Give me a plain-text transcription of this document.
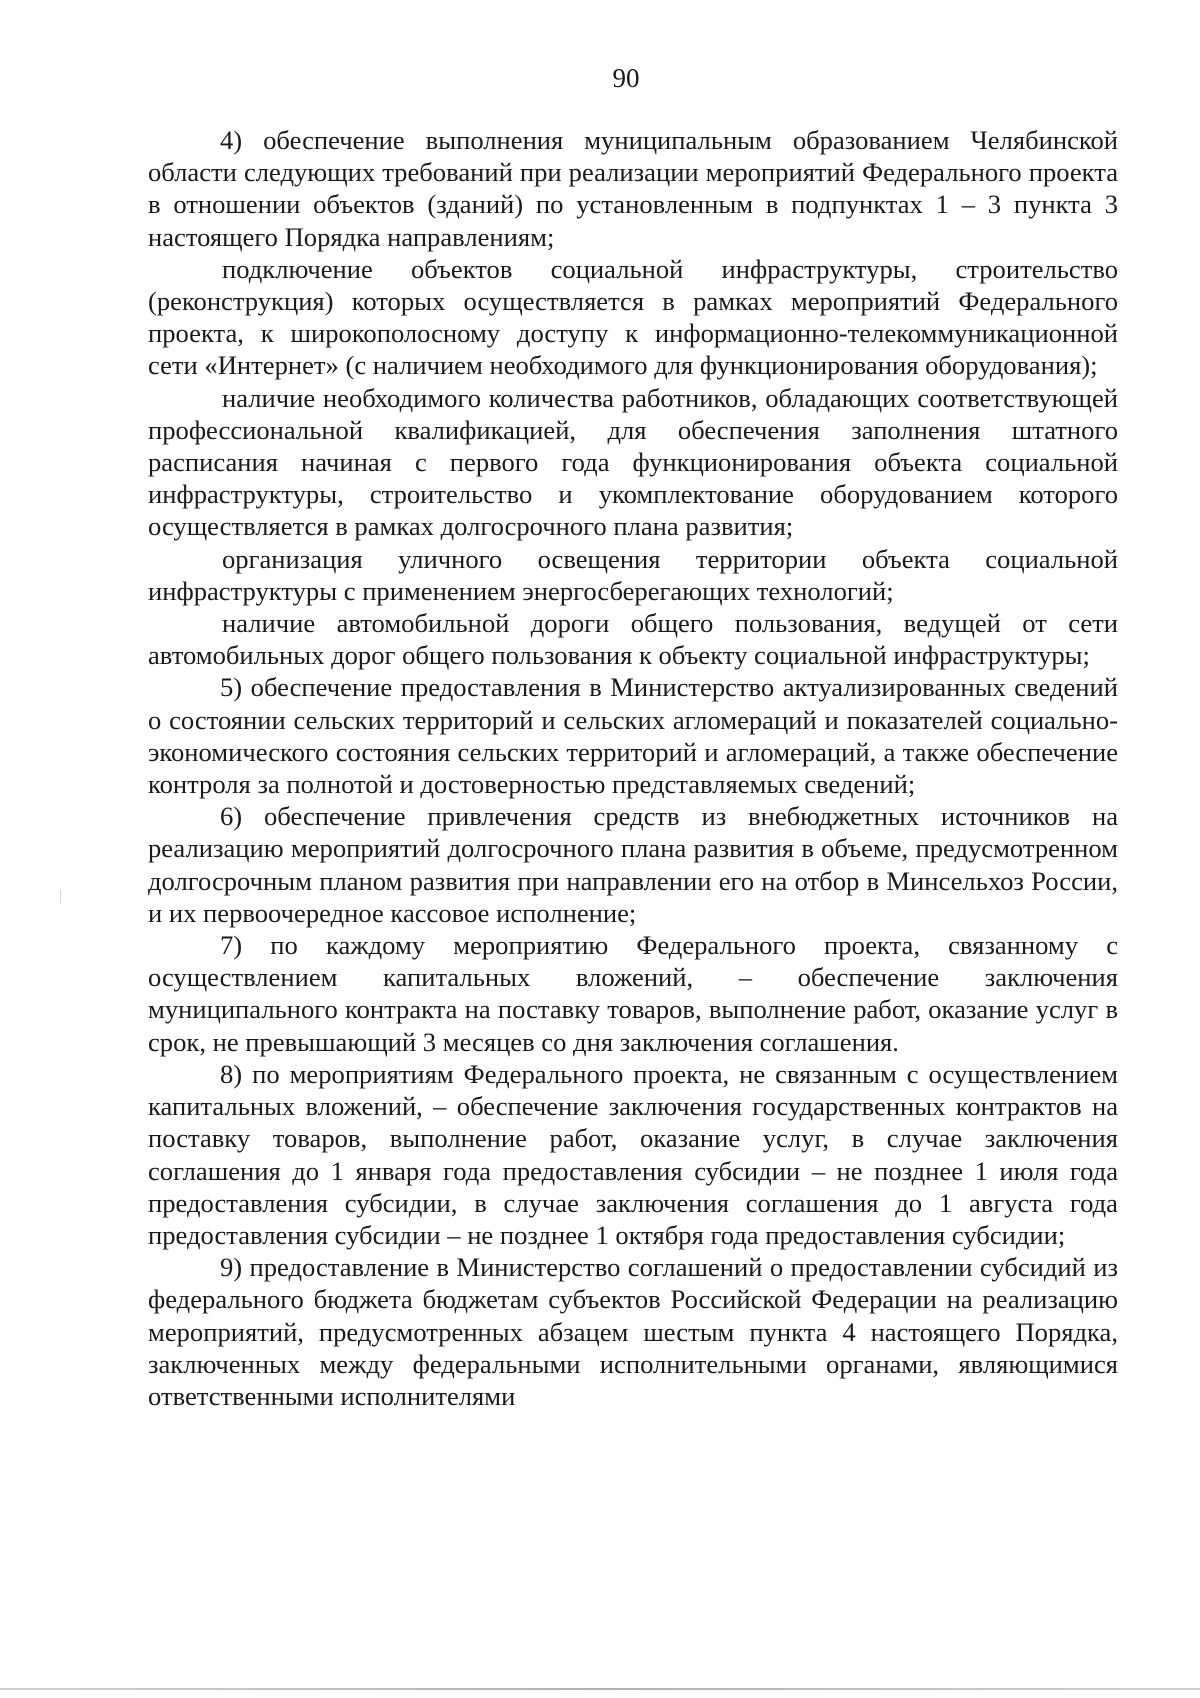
90

4) обеспечение выполнения муниципальным образованием Челябинской области следующих требований при реализации мероприятий Федерального проекта в отношении объектов (зданий) по установленным в подпунктах 1 – 3 пункта 3 настоящего Порядка направлениям;

подключение объектов социальной инфраструктуры, строительство (реконструкция) которых осуществляется в рамках мероприятий Федерального проекта, к широкополосному доступу к информационно-телекоммуникационной сети «Интернет» (с наличием необходимого для функционирования оборудования);

наличие необходимого количества работников, обладающих соответствующей профессиональной квалификацией, для обеспечения заполнения штатного расписания начиная с первого года функционирования объекта социальной инфраструктуры, строительство и укомплектование оборудованием которого осуществляется в рамках долгосрочного плана развития;

организация уличного освещения территории объекта социальной инфраструктуры с применением энергосберегающих технологий;

наличие автомобильной дороги общего пользования, ведущей от сети автомобильных дорог общего пользования к объекту социальной инфраструктуры;

5) обеспечение предоставления в Министерство актуализированных сведений о состоянии сельских территорий и сельских агломераций и показателей социально-экономического состояния сельских территорий и агломераций, а также обеспечение контроля за полнотой и достоверностью представляемых сведений;

6) обеспечение привлечения средств из внебюджетных источников на реализацию мероприятий долгосрочного плана развития в объеме, предусмотренном долгосрочным планом развития при направлении его на отбор в Минсельхоз России, и их первоочередное кассовое исполнение;

7) по каждому мероприятию Федерального проекта, связанному с осуществлением капитальных вложений, – обеспечение заключения муниципального контракта на поставку товаров, выполнение работ, оказание услуг в срок, не превышающий 3 месяцев со дня заключения соглашения.

8) по мероприятиям Федерального проекта, не связанным с осуществлением капитальных вложений, – обеспечение заключения государственных контрактов на поставку товаров, выполнение работ, оказание услуг, в случае заключения соглашения до 1 января года предоставления субсидии – не позднее 1 июля года предоставления субсидии, в случае заключения соглашения до 1 августа года предоставления субсидии – не позднее 1 октября года предоставления субсидии;

9) предоставление в Министерство соглашений о предоставлении субсидий из федерального бюджета бюджетам субъектов Российской Федерации на реализацию мероприятий, предусмотренных абзацем шестым пункта 4 настоящего Порядка, заключенных между федеральными исполнительными органами, являющимися ответственными исполнителями
